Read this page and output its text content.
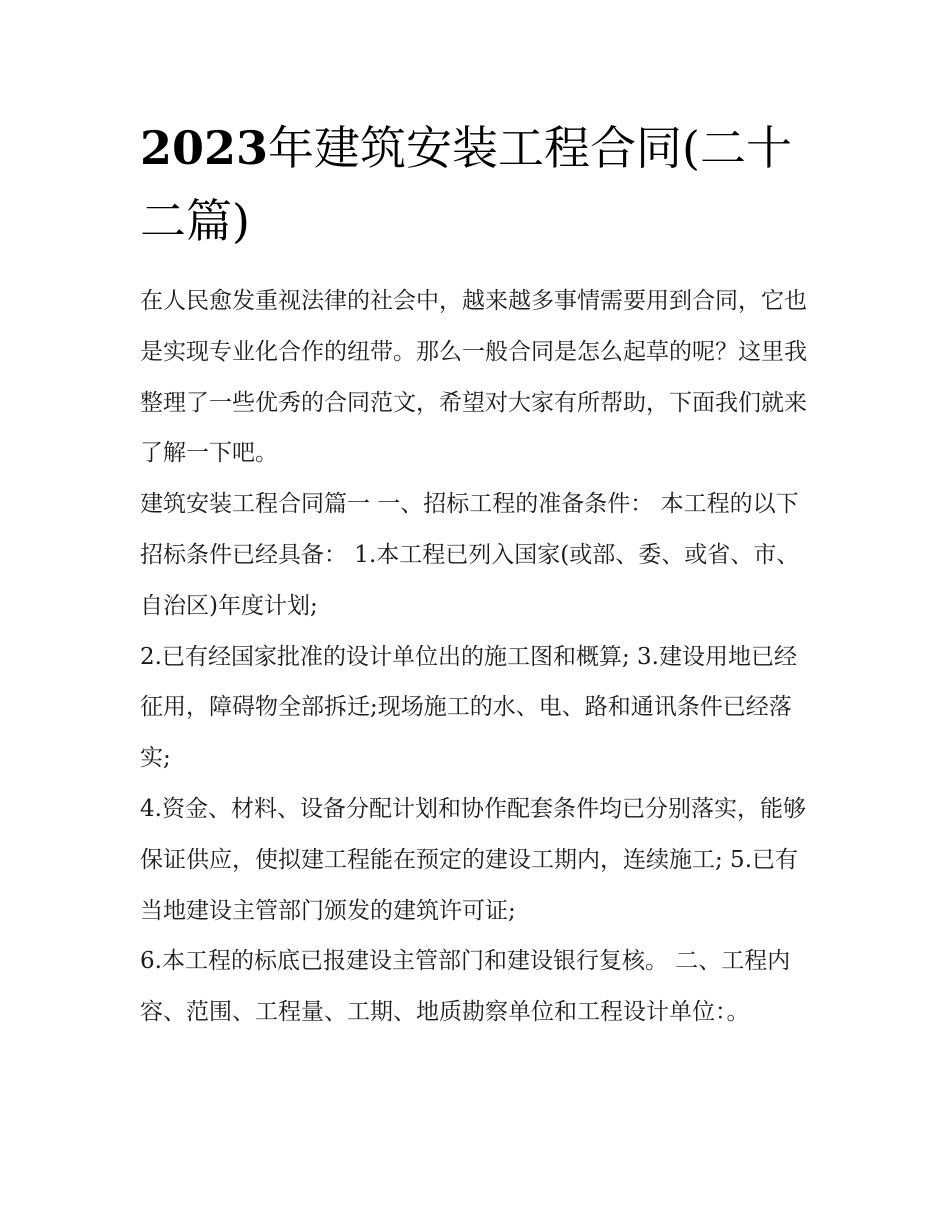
2023年建筑安装工程合同(二十二篇)

在人民愈发重视法律的社会中，越来越多事情需要用到合同，它也是实现专业化合作的纽带。那么一般合同是怎么起草的呢？这里我整理了一些优秀的合同范文，希望对大家有所帮助，下面我们就来了解一下吧。

建筑安装工程合同篇一 一、招标工程的准备条件： 本工程的以下招标条件已经具备： 1.本工程已列入国家(或部、委、或省、市、自治区)年度计划;

2.已有经国家批准的设计单位出的施工图和概算; 3.建设用地已经征用，障碍物全部拆迁;现场施工的水、电、路和通讯条件已经落实;

4.资金、材料、设备分配计划和协作配套条件均已分别落实，能够保证供应，使拟建工程能在预定的建设工期内，连续施工; 5.已有当地建设主管部门颁发的建筑许可证;

6.本工程的标底已报建设主管部门和建设银行复核。 二、工程内容、范围、工程量、工期、地质勘察单位和工程设计单位：。
